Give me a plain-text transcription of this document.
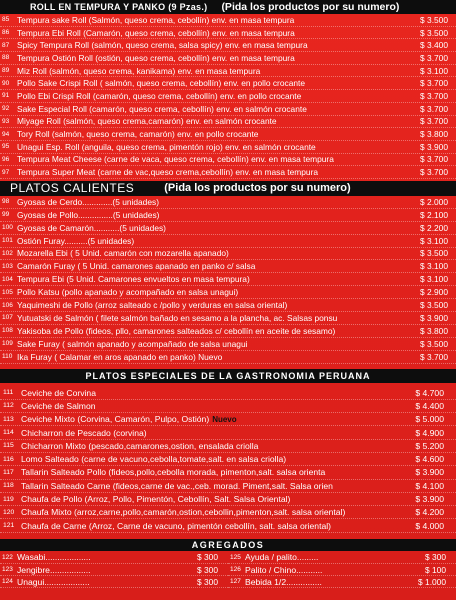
ROLL EN TEMPURA Y PANKO (9 Pzas.) (Pida los productos por su numero)
85 Tempura sake Roll (Salmón, queso crema, cebollín) env. en masa tempura	$ 3.500
86 Tempura Ebi Roll (Camarón, queso crema, cebollín) env. en masa tempura	$ 3.500
87 Spicy Tempura Roll (salmón, queso crema, salsa spicy) env. en masa tempura	$ 3.400
88 Tempura Ostión Roll (ostión, queso crema, cebollín) env. en masa tempura	$ 3.700
89 Miz Roll (salmón, queso crema, kanikama) env. en masa tempura	$ 3.100
90 Pollo Sake Crispi Roll ( salmón, queso crema, cebollín) env. en pollo crocante	$ 3.700
91 Pollo Ebi Crispi Roll (camarón, queso crema, cebollín) env. en pollo crocante	$ 3.700
92 Sake Especial Roll (camarón, queso crema, cebollín) env. en salmón crocante	$ 3.700
93 Miyage Roll (salmón, queso crema,camarón) env. en salmón crocante	$ 3.700
94 Tory Roll (salmón, queso crema, camarón) env. en pollo crocante	$ 3.800
95 Unagui Esp. Roll (anguila, queso crema, pimentón rojo) env. en salmón crocante	$ 3.900
96 Tempura Meat Cheese (carne de vaca, queso crema, cebollín) env. en masa tempura	$ 3.700
97 Tempura Super Meat (carne de vac,queso crema,cebollín) env. en masa tempura	$ 3.700
PLATOS CALIENTES	(Pida los productos por su numero)
98 Gyosas de Cerdo.............(5 unidades)	$ 2.000
99 Gyosas de Pollo...............(5 unidades)	$ 2.100
100 Gyosas de Camarón...........(5 unidades)	$ 2.200
101 Ostión Furay..........(5 unidades)	$ 3.100
102 Mozarella Ebi ( 5 Unid. camarón con mozarella apanado)	$ 3.500
103 Camarón Furay ( 5 Unid. camarones apanado en panko c/ salsa	$ 3.100
104 Tempura Ebi (5 Unid. Camarones envueltos en masa tempura)	$ 3.100
105 Pollo Katsu (pollo apanado y acompañado en salsa unagui)	$ 2.900
106 Yaquimeshi de Pollo (arroz salteado c /pollo y verduras en salsa oriental)	$ 3.500
107 Yutuatski de Salmón ( filete salmón bañado en sesamo a la plancha, ac. Salsas ponsu	$ 3.900
108 Yakisoba de Pollo (fideos, pllo, camarones salteados c/ cebollín en aceite de sesamo)	$ 3.800
109 Sake Furay ( salmón apanado y acompañado de salsa unagui	$ 3.500
110 Ika Furay ( Calamar en aros apanado en panko) Nuevo	$ 3.700
PLATOS ESPECIALES DE LA GASTRONOMIA PERUANA
111 Ceviche de Corvina	$ 4.700
112 Ceviche de Salmon	$ 4.400
113 Ceviche Mixto (Corvina, Camarón, Pulpo, Ostión) Nuevo	$ 5.000
114 Chicharron de Pescado (corvina)	$ 4.900
115 Chicharron Mixto (pescado,camarones,ostion, ensalada criolla	$ 5.200
116 Lomo Salteado (carne de vacuno,cebolla,tomate,salt. en salsa criolla)	$ 4.600
117 Tallarin Salteado Pollo (fideos,pollo,cebolla morada, pimenton,salt. salsa orienta	$ 3.900
118 Tallarin Salteado Carne (fideos,carne de vac.,ceb. morad. Piment,salt. Salsa orien	$ 4.100
119 Chaufa de Pollo (Arroz, Pollo, Pimentón, Cebollín, Salt. Salsa Oriental)	$ 3.900
120 Chaufa Mixto (arroz,carne,pollo,camarón,ostion,cebollin,pimenton,salt. salsa oriental)	$ 4.200
121 Chaufa de Carne (Arroz, Carne de vacuno, pimentón cebollín, salt. salsa oriental)	$ 4.000
AGREGADOS
122 Wasabi...................	$ 300
123 Jengibre.................	$ 300
124 Unagui...................	$ 300
125 Ayuda / palito.........	$ 300
126 Palito / Chino...........	$ 100
127 Bebida 1/2...............	$ 1.000
